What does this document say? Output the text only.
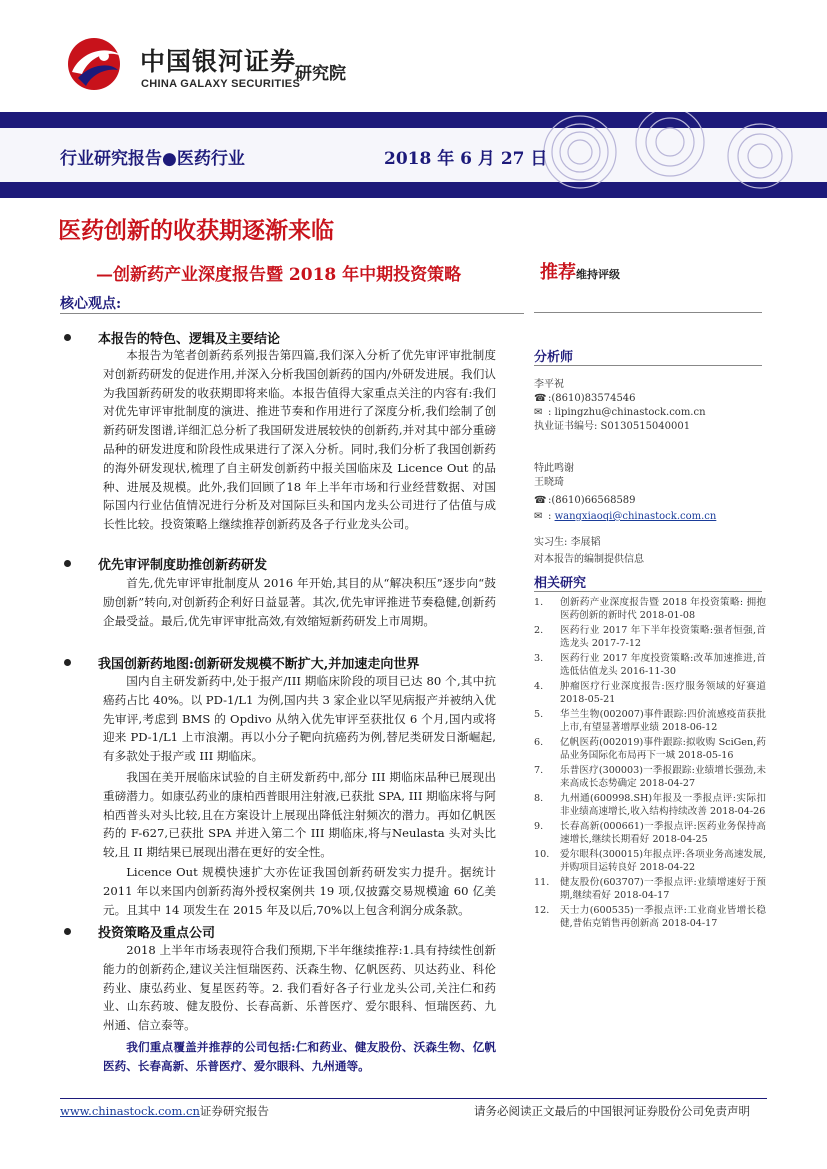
中国银河证券
CHINA GALAXY SECURITIES
研究院
行业研究报告●医药行业	2018 年 6 月 27 日
医药创新的收获期逐渐来临
—创新药产业深度报告暨 2018 年中期投资策略	推荐维持评级
核心观点:
本报告的特色、逻辑及主要结论
本报告为笔者创新药系列报告第四篇,我们深入分析了优先审评审批制度对创新药研发的促进作用,并深入分析我国创新药的国内/外研发进展。我们认为我国新药研发的收获期即将来临。本报告值得大家重点关注的内容有:我们对优先审评审批制度的演进、推进节奏和作用进行了深度分析,我们绘制了创新药研发图谱,详细汇总分析了我国研发进展较快的创新药,并对其中部分重磅品种的研发进度和阶段性成果进行了深入分析。同时,我们分析了我国创新药的海外研发现状,梳理了自主研发创新药中报关国临床及 Licence Out 的品种、进展及规模。此外,我们回顾了18 年上半年市场和行业经营数据、对国际国内行业估值情况进行分析及对国际巨头和国内龙头公司进行了估值与成长性比较。投资策略上继续推荐创新药及各子行业龙头公司。
优先审评制度助推创新药研发
首先,优先审评审批制度从 2016 年开始,其目的从“解决积压”逐步向“鼓励创新”转向,对创新药企利好日益显著。其次,优先审评推进节奏稳健,创新药企最受益。最后,优先审评审批高效,有效缩短新药研发上市周期。
我国创新药地图:创新研发规模不断扩大,并加速走向世界
国内自主研发新药中,处于报产/III 期临床阶段的项目已达 80 个,其中抗癌药占比 40%。以 PD-1/L1 为例,国内共 3 家企业以罕见病报产并被纳入优先审评,考虑到 BMS 的 Opdivo 从纳入优先审评至获批仅 6 个月,国内或将迎来 PD-1/L1 上市浪潮。再以小分子靶向抗癌药为例,替尼类研发日渐崛起,有多款处于报产或 III 期临床。
我国在美开展临床试验的自主研发新药中,部分 III 期临床品种已展现出重磅潜力。如康弘药业的康柏西普眼用注射液,已获批 SPA, III 期临床将与阿柏西普头对头比较,且在方案设计上展现出降低注射频次的潜力。再如亿帆医药的 F-627,已获批 SPA 并进入第二个 III 期临床,将与Neulasta 头对头比较,且 II 期结果已展现出潜在更好的安全性。
Licence Out 规模快速扩大亦佐证我国创新药研发实力提升。据统计2011 年以来国内创新药海外授权案例共 19 项,仅披露交易规模逾 60 亿美元。且其中 14 项发生在 2015 年及以后,70%以上包含利润分成条款。
投资策略及重点公司
2018 上半年市场表现符合我们预期,下半年继续推荐:1.具有持续性创新能力的创新药企,建议关注恒瑞医药、沃森生物、亿帆医药、贝达药业、科伦药业、康弘药业、复星医药等。2. 我们看好各子行业龙头公司,关注仁和药业、山东药玻、健友股份、长春高新、乐普医疗、爱尔眼科、恒瑞医药、九州通、信立泰等。
我们重点覆盖并推荐的公司包括:仁和药业、健友股份、沃森生物、亿帆医药、长春高新、乐普医疗、爱尔眼科、九州通等。
分析师
李平祝
☎ :(8610)83574546
✉ : lipingzhu@chinastock.com.cn
执业证书编号: S0130515040001
特此鸣谢
王晓琦
☎ :(8610)66568589
✉ : wangxiaoqi@chinastock.com.cn
实习生: 李展韬
对本报告的编制提供信息
相关研究
1. 创新药产业深度报告暨 2018 年投资策略: 拥抱医药创新的新时代 2018-01-08
2. 医药行业 2017 年下半年投资策略:强者恒强,首选龙头 2017-7-12
3. 医药行业 2017 年度投资策略:改革加速推进,首选低估值龙头 2016-11-30
4. 肿瘤医疗行业深度报告:医疗服务领域的好赛道 2018-05-21
5. 华兰生物(002007)事件跟踪:四价流感疫苗获批上市,有望显著增厚业绩 2018-06-12
6. 亿帆医药(002019)事件跟踪:拟收购 SciGen,药品业务国际化布局再下一城 2018-05-16
7. 乐普医疗(300003)一季报跟踪:业绩增长强劲,未来高成长态势确定 2018-04-27
8. 九州通(600998.SH)年报及一季报点评:实际扣非业绩高速增长,收入结构持续改善 2018-04-26
9. 长春高新(000661)一季报点评:医药业务保持高速增长,继续长期看好 2018-04-25
10. 爱尔眼科(300015)年报点评:各项业务高速发展,并购项目运转良好 2018-04-22
11. 健友股份(603707)一季报点评:业绩增速好于预期,继续看好 2018-04-17
12. 天士力(600535)一季报点评:工业商业皆增长稳健,普佑克销售再创新高 2018-04-17
www.chinastock.com.cn证券研究报告	请务必阅读正文最后的中国银河证券股份公司免责声明
